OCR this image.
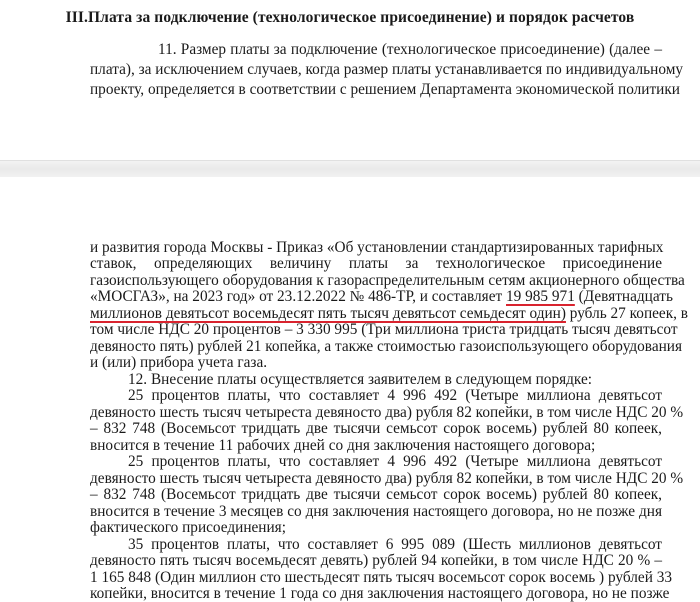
III.Плата за подключение (технологическое присоединение) и порядок расчетов
11. Размер платы за подключение (технологическое присоединение) (далее –
плата), за исключением случаев, когда размер платы устанавливается по индивидуальному
проекту, определяется в соответствии с решением Департамента экономической политики
и развития города Москвы - Приказ «Об установлении стандартизированных тарифных
ставок, определяющих величину платы за технологическое присоединение
газоиспользующего оборудования к газораспределительным сетям акционерного общества
«МОСГАЗ», на 2023 год» от 23.12.2022 № 486-ТР, и составляет 19 985 971 (Девятнадцать
миллионов девятьсот восемьдесят пять тысяч девятьсот семьдесят один) рубль 27 копеек, в
том числе НДС 20 процентов – 3 330 995 (Три миллиона триста тридцать тысяч девятьсот
девяносто пять) рублей 21 копейка, а также стоимостью газоиспользующего оборудования
и (или) прибора учета газа.
12. Внесение платы осуществляется заявителем в следующем порядке:
25 процентов платы, что составляет 4 996 492 (Четыре миллиона девятьсот
девяносто шесть тысяч четыреста девяносто два) рубля 82 копейки, в том числе НДС 20 %
– 832 748 (Восемьсот тридцать две тысячи семьсот сорок восемь) рублей 80 копеек,
вносится в течение 11 рабочих дней со дня заключения настоящего договора;
25 процентов платы, что составляет 4 996 492 (Четыре миллиона девятьсот
девяносто шесть тысяч четыреста девяносто два) рубля 82 копейки, в том числе НДС 20 %
– 832 748 (Восемьсот тридцать две тысячи семьсот сорок восемь) рублей 80 копеек,
вносится в течение 3 месяцев со дня заключения настоящего договора, но не позже дня
фактического присоединения;
35 процентов платы, что составляет 6 995 089 (Шесть миллионов девятьсот
девяносто пять тысяч восемьдесят девять) рублей 94 копейки, в том числе НДС 20 % –
1 165 848 (Один миллион сто шестьдесят пять тысяч восемьсот сорок восемь ) рублей 33
копейки, вносится в течение 1 года со дня заключения настоящего договора, но не позже
